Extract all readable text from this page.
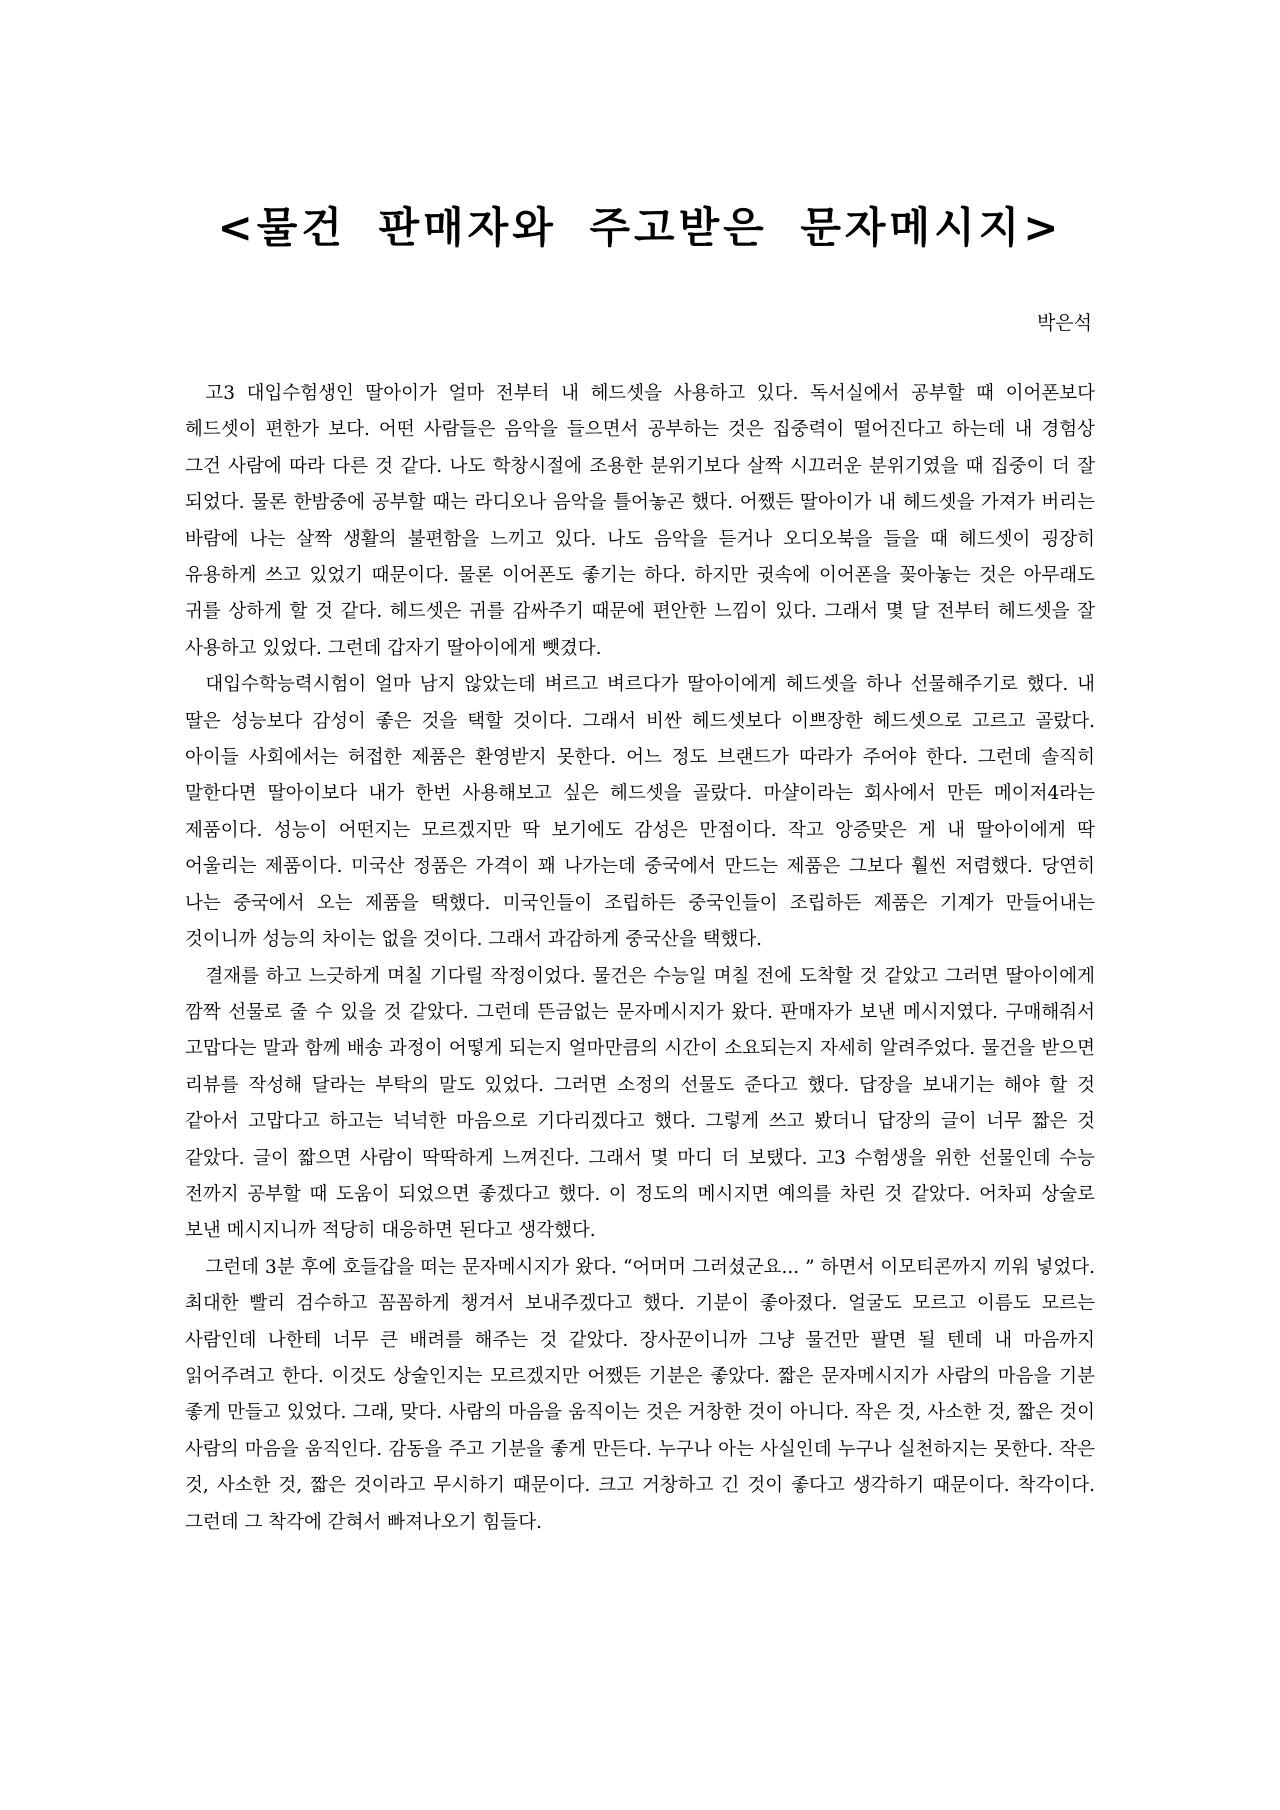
<물건 판매자와 주고받은 문자메시지>
박은석

고3 대입수험생인 딸아이가 얼마 전부터 내 헤드셋을 사용하고 있다. 독서실에서 공부할 때 이어폰보다 헤드셋이 편한가 보다. 어떤 사람들은 음악을 들으면서 공부하는 것은 집중력이 떨어진다고 하는데 내 경험상 그건 사람에 따라 다른 것 같다. 나도 학창시절에 조용한 분위기보다 살짝 시끄러운 분위기였을 때 집중이 더 잘 되었다. 물론 한밤중에 공부할 때는 라디오나 음악을 틀어놓곤 했다. 어쨌든 딸아이가 내 헤드셋을 가져가 버리는 바람에 나는 살짝 생활의 불편함을 느끼고 있다. 나도 음악을 듣거나 오디오북을 들을 때 헤드셋이 굉장히 유용하게 쓰고 있었기 때문이다. 물론 이어폰도 좋기는 하다. 하지만 귓속에 이어폰을 꽂아놓는 것은 아무래도 귀를 상하게 할 것 같다. 헤드셋은 귀를 감싸주기 때문에 편안한 느낌이 있다. 그래서 몇 달 전부터 헤드셋을 잘 사용하고 있었다. 그런데 갑자기 딸아이에게 뺏겼다.

대입수학능력시험이 얼마 남지 않았는데 벼르고 벼르다가 딸아이에게 헤드셋을 하나 선물해주기로 했다. 내 딸은 성능보다 감성이 좋은 것을 택할 것이다. 그래서 비싼 헤드셋보다 이쁘장한 헤드셋으로 고르고 골랐다. 아이들 사회에서는 허접한 제품은 환영받지 못한다. 어느 정도 브랜드가 따라가 주어야 한다. 그런데 솔직히 말한다면 딸아이보다 내가 한번 사용해보고 싶은 헤드셋을 골랐다. 마샬이라는 회사에서 만든 메이저4라는 제품이다. 성능이 어떤지는 모르겠지만 딱 보기에도 감성은 만점이다. 작고 앙증맞은 게 내 딸아이에게 딱 어울리는 제품이다. 미국산 정품은 가격이 꽤 나가는데 중국에서 만드는 제품은 그보다 훨씬 저렴했다. 당연히 나는 중국에서 오는 제품을 택했다. 미국인들이 조립하든 중국인들이 조립하든 제품은 기계가 만들어내는 것이니까 성능의 차이는 없을 것이다. 그래서 과감하게 중국산을 택했다.

결재를 하고 느긋하게 며칠 기다릴 작정이었다. 물건은 수능일 며칠 전에 도착할 것 같았고 그러면 딸아이에게 깜짝 선물로 줄 수 있을 것 같았다. 그런데 뜬금없는 문자메시지가 왔다. 판매자가 보낸 메시지였다. 구매해줘서 고맙다는 말과 함께 배송 과정이 어떻게 되는지 얼마만큼의 시간이 소요되는지 자세히 알려주었다. 물건을 받으면 리뷰를 작성해 달라는 부탁의 말도 있었다. 그러면 소정의 선물도 준다고 했다. 답장을 보내기는 해야 할 것 같아서 고맙다고 하고는 넉넉한 마음으로 기다리겠다고 했다. 그렇게 쓰고 봤더니 답장의 글이 너무 짧은 것 같았다. 글이 짧으면 사람이 딱딱하게 느껴진다. 그래서 몇 마디 더 보탰다. 고3 수험생을 위한 선물인데 수능 전까지 공부할 때 도움이 되었으면 좋겠다고 했다. 이 정도의 메시지면 예의를 차린 것 같았다. 어차피 상술로 보낸 메시지니까 적당히 대응하면 된다고 생각했다.

그런데 3분 후에 호들갑을 떠는 문자메시지가 왔다. “어머머 그러셨군요... ” 하면서 이모티콘까지 끼워 넣었다. 최대한 빨리 검수하고 꼼꼼하게 챙겨서 보내주겠다고 했다. 기분이 좋아졌다. 얼굴도 모르고 이름도 모르는 사람인데 나한테 너무 큰 배려를 해주는 것 같았다. 장사꾼이니까 그냥 물건만 팔면 될 텐데 내 마음까지 읽어주려고 한다. 이것도 상술인지는 모르겠지만 어쨌든 기분은 좋았다. 짧은 문자메시지가 사람의 마음을 기분 좋게 만들고 있었다. 그래, 맞다. 사람의 마음을 움직이는 것은 거창한 것이 아니다. 작은 것, 사소한 것, 짧은 것이 사람의 마음을 움직인다. 감동을 주고 기분을 좋게 만든다. 누구나 아는 사실인데 누구나 실천하지는 못한다. 작은 것, 사소한 것, 짧은 것이라고 무시하기 때문이다. 크고 거창하고 긴 것이 좋다고 생각하기 때문이다. 착각이다. 그런데 그 착각에 갇혀서 빠져나오기 힘들다.
